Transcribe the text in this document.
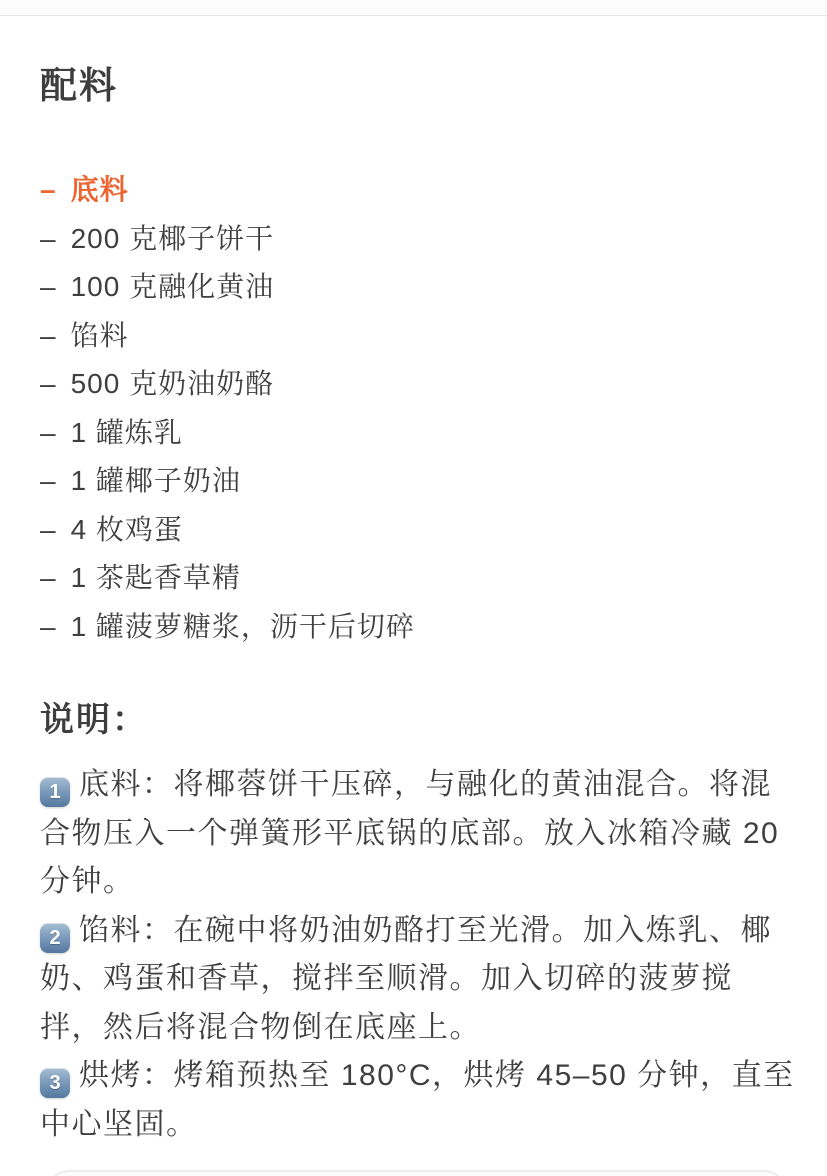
配料
– 底料
– 200 克椰子饼干
– 100 克融化黄油
– 馅料
– 500 克奶油奶酪
– 1 罐炼乳
– 1 罐椰子奶油
– 4 枚鸡蛋
– 1 茶匙香草精
– 1 罐菠萝糖浆，沥干后切碎
说明：

1 底料：将椰蓉饼干压碎，与融化的黄油混合。将混合物压入一个弹簧形平底锅的底部。放入冰箱冷藏 20 分钟。

2 馅料：在碗中将奶油奶酪打至光滑。加入炼乳、椰奶、鸡蛋和香草，搅拌至顺滑。加入切碎的菠萝搅拌，然后将混合物倒在底座上。

3 烘烤：烤箱预热至 180°C，烘烤 45–50 分钟，直至中心坚固。
